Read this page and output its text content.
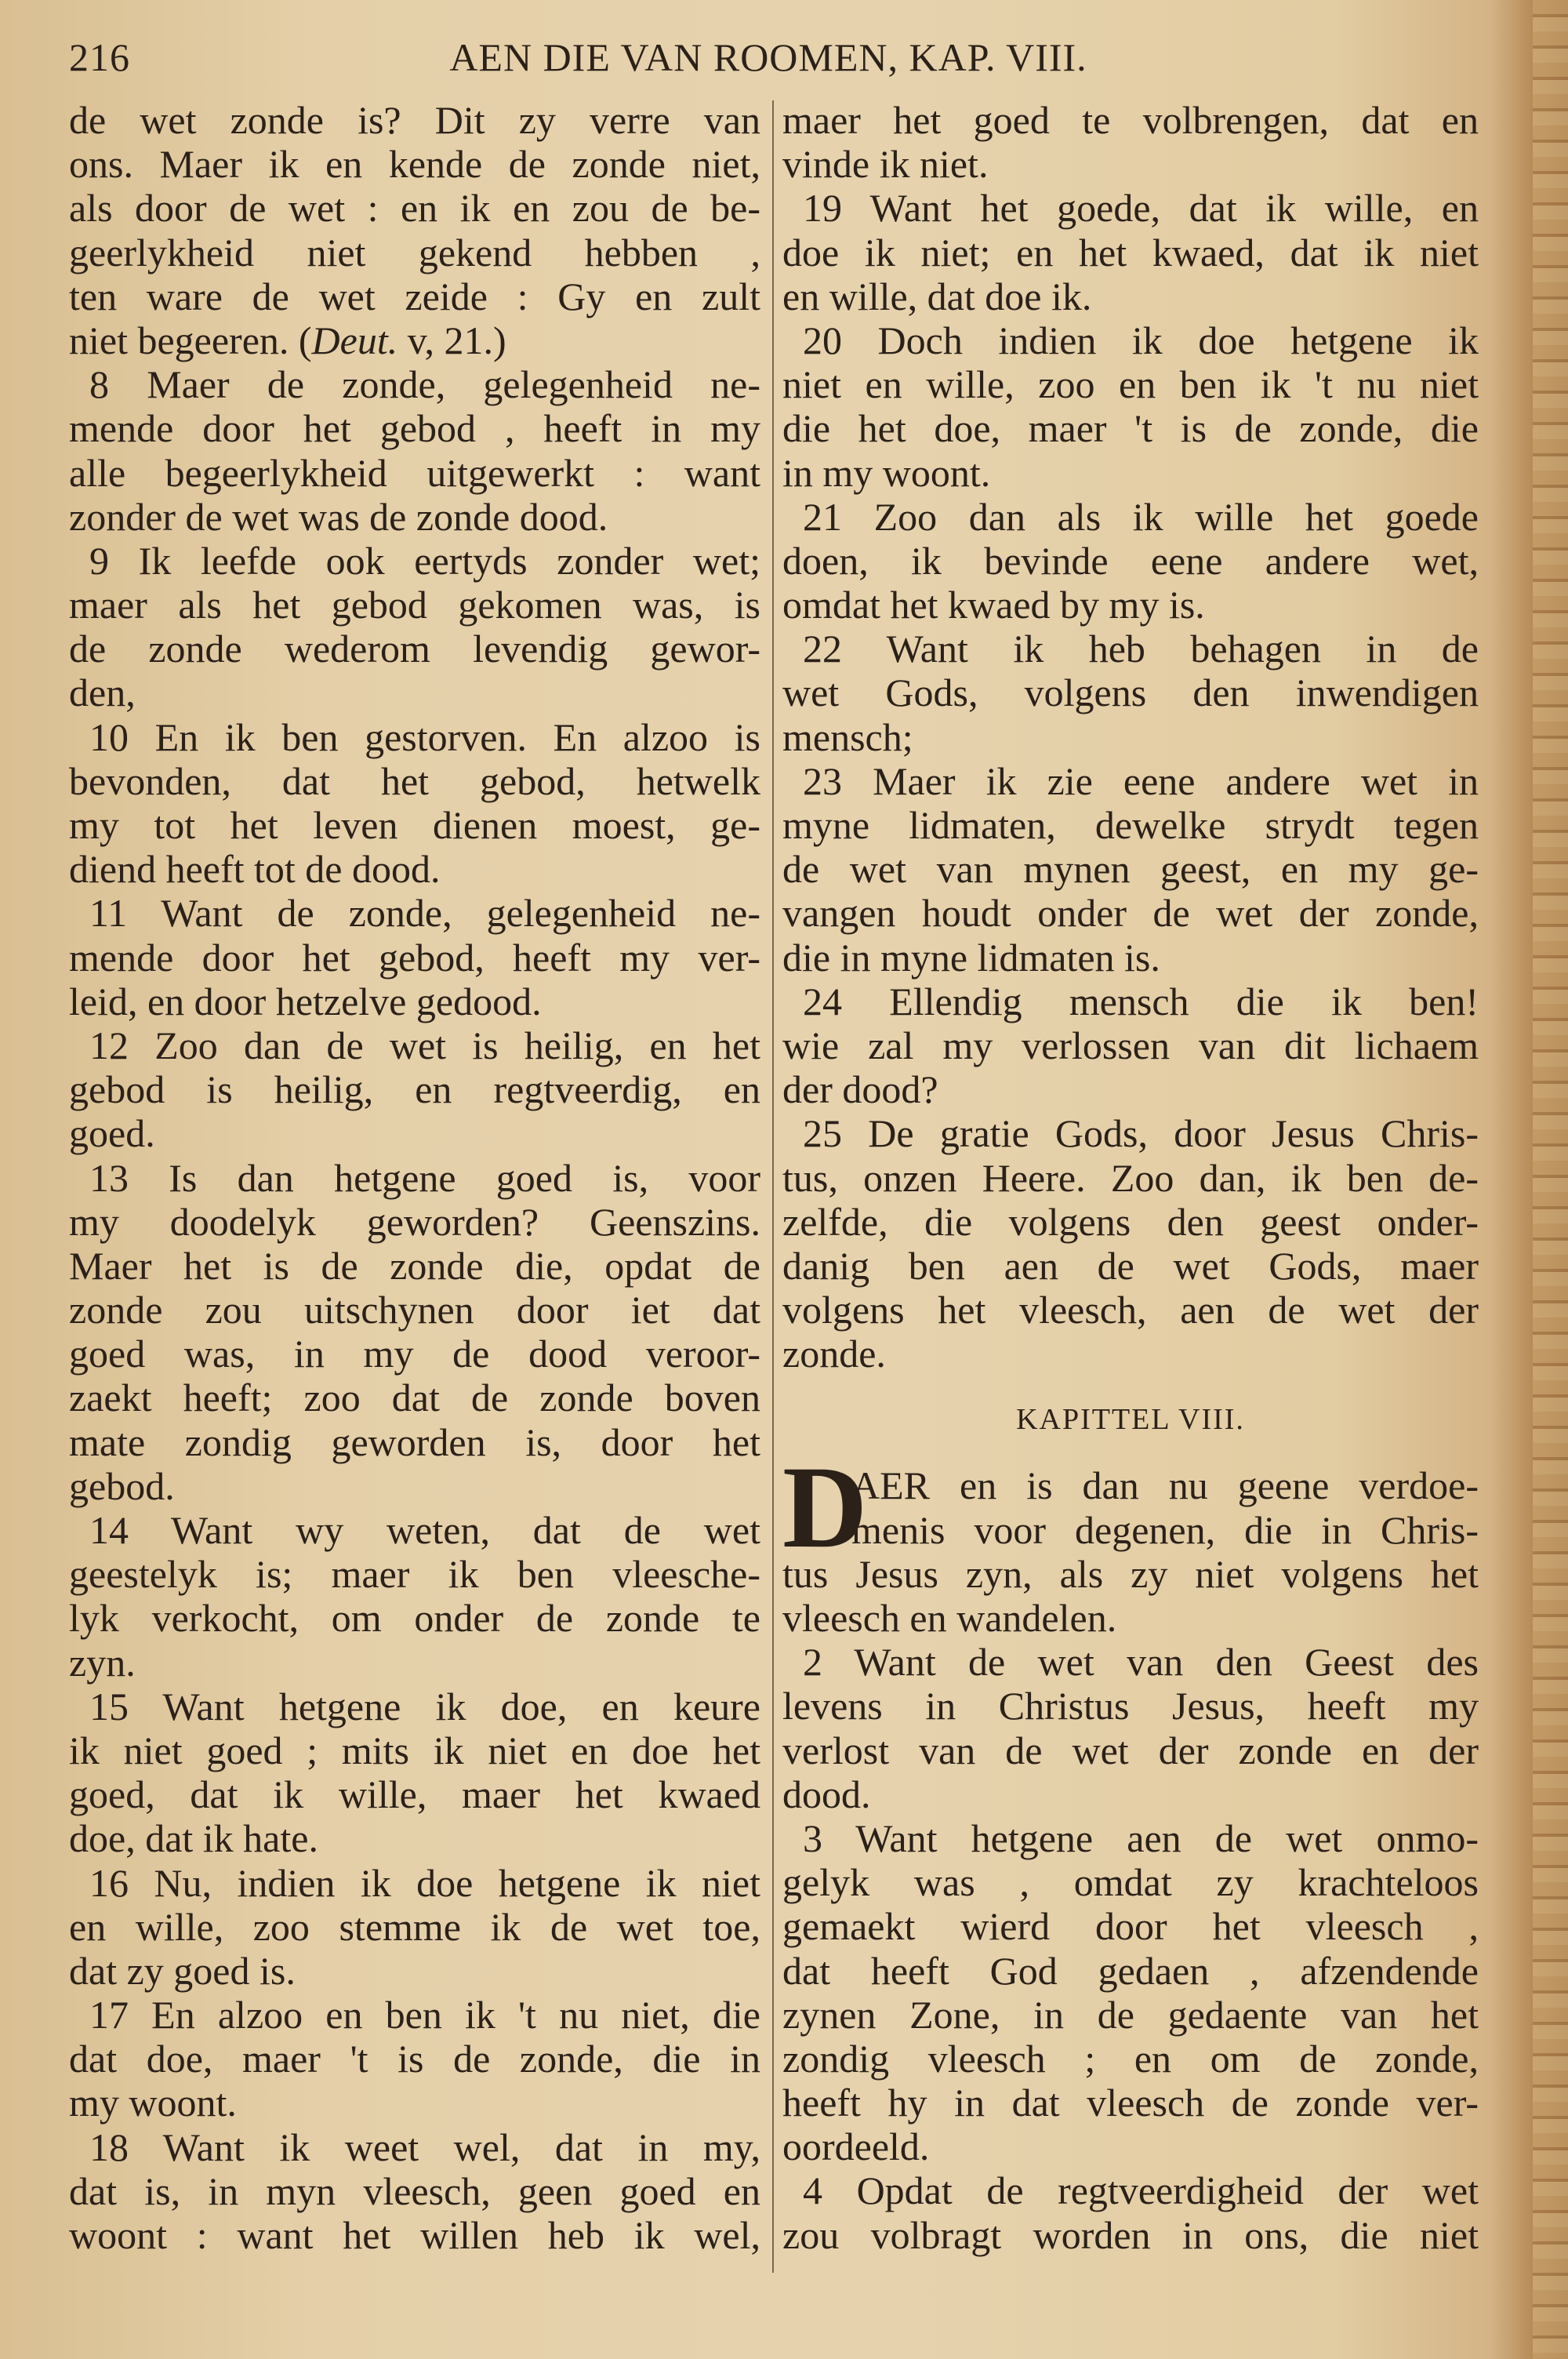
216	AEN DIE VAN ROOMEN, KAP. VIII.
de wet zonde is? Dit zy verre van
ons. Maer ik en kende de zonde niet,
als door de wet : en ik en zou de be-
geerlykheid niet gekend hebben ,
ten ware de wet zeide : Gy en zult
niet begeeren. (Deut. v, 21.)
8 Maer de zonde, gelegenheid ne-
mende door het gebod , heeft in my
alle begeerlykheid uitgewerkt : want
zonder de wet was de zonde dood.
9 Ik leefde ook eertyds zonder wet;
maer als het gebod gekomen was, is
de zonde wederom levendig gewor-
den,
10 En ik ben gestorven. En alzoo is
bevonden, dat het gebod, hetwelk
my tot het leven dienen moest, ge-
diend heeft tot de dood.
11 Want de zonde, gelegenheid ne-
mende door het gebod, heeft my ver-
leid, en door hetzelve gedood.
12 Zoo dan de wet is heilig, en het
gebod is heilig, en regtveerdig, en
goed.
13 Is dan hetgene goed is, voor
my doodelyk geworden? Geenszins.
Maer het is de zonde die, opdat de
zonde zou uitschynen door iet dat
goed was, in my de dood veroor-
zaekt heeft; zoo dat de zonde boven
mate zondig geworden is, door het
gebod.
14 Want wy weten, dat de wet
geestelyk is; maer ik ben vleesche-
lyk verkocht, om onder de zonde te
zyn.
15 Want hetgene ik doe, en keure
ik niet goed ; mits ik niet en doe het
goed, dat ik wille, maer het kwaed
doe, dat ik hate.
16 Nu, indien ik doe hetgene ik niet
en wille, zoo stemme ik de wet toe,
dat zy goed is.
17 En alzoo en ben ik 't nu niet, die
dat doe, maer 't is de zonde, die in
my woont.
18 Want ik weet wel, dat in my,
dat is, in myn vleesch, geen goed en
woont : want het willen heb ik wel,
maer het goed te volbrengen, dat en
vinde ik niet.
19 Want het goede, dat ik wille, en
doe ik niet; en het kwaed, dat ik niet
en wille, dat doe ik.
20 Doch indien ik doe hetgene ik
niet en wille, zoo en ben ik 't nu niet
die het doe, maer 't is de zonde, die
in my woont.
21 Zoo dan als ik wille het goede
doen, ik bevinde eene andere wet,
omdat het kwaed by my is.
22 Want ik heb behagen in de
wet Gods, volgens den inwendigen
mensch;
23 Maer ik zie eene andere wet in
myne lidmaten, dewelke strydt tegen
de wet van mynen geest, en my ge-
vangen houdt onder de wet der zonde,
die in myne lidmaten is.
24 Ellendig mensch die ik ben!
wie zal my verlossen van dit lichaem
der dood?
25 De gratie Gods, door Jesus Chris-
tus, onzen Heere. Zoo dan, ik ben de-
zelfde, die volgens den geest onder-
danig ben aen de wet Gods, maer
volgens het vleesch, aen de wet der
zonde.
KAPITTEL VIII.
AER en is dan nu geene verdoe-
menis voor degenen, die in Chris-
tus Jesus zyn, als zy niet volgens het
vleesch en wandelen.
2 Want de wet van den Geest des
levens in Christus Jesus, heeft my
verlost van de wet der zonde en der
dood.
3 Want hetgene aen de wet onmo-
gelyk was , omdat zy krachteloos
gemaekt wierd door het vleesch ,
dat heeft God gedaen , afzendende
zynen Zone, in de gedaente van het
zondig vleesch ; en om de zonde,
heeft hy in dat vleesch de zonde ver-
oordeeld.
4 Opdat de regtveerdigheid der wet
zou volbragt worden in ons, die niet
D
